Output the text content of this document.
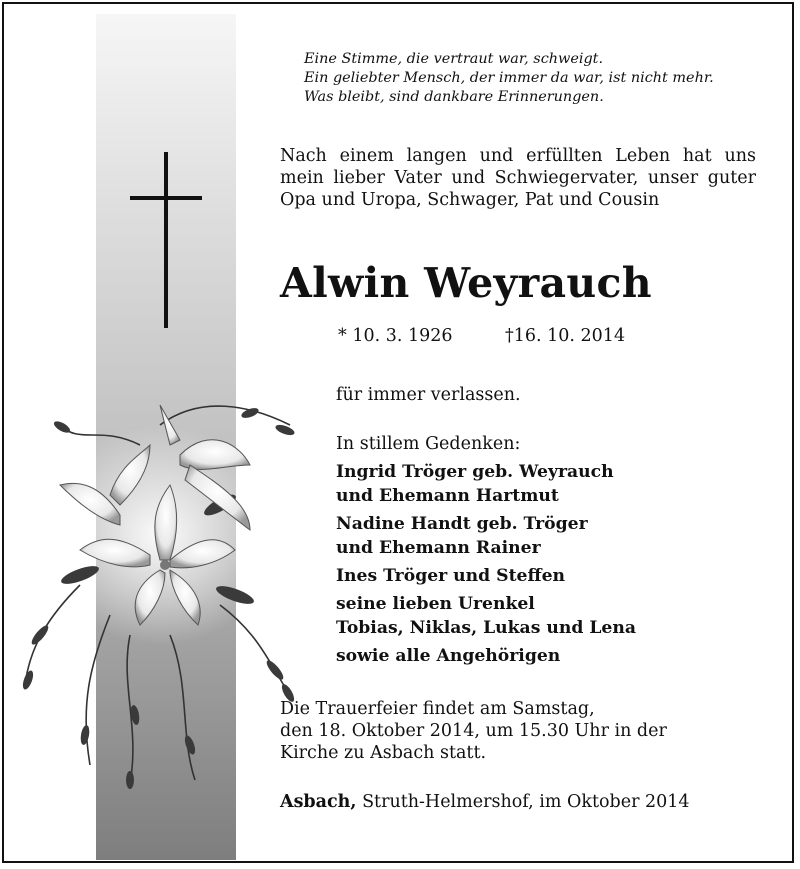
Eine Stimme, die vertraut war, schweigt.
Ein geliebter Mensch, der immer da war, ist nicht mehr.
Was bleibt, sind dankbare Erinnerungen.
Nach einem langen und erfüllten Leben hat uns
mein lieber Vater und Schwiegervater, unser guter
Opa und Uropa, Schwager, Pat und Cousin
Alwin Weyrauch
* 10. 3. 1926	†16. 10. 2014
für immer verlassen.
In stillem Gedenken:
Ingrid Tröger geb. Weyrauch
und Ehemann Hartmut
Nadine Handt geb. Tröger
und Ehemann Rainer
Ines Tröger und Steffen
seine lieben Urenkel
Tobias, Niklas, Lukas und Lena
sowie alle Angehörigen
Die Trauerfeier findet am Samstag,
den 18. Oktober 2014, um 15.30 Uhr in der
Kirche zu Asbach statt.
Asbach, Struth-Helmershof, im Oktober 2014
